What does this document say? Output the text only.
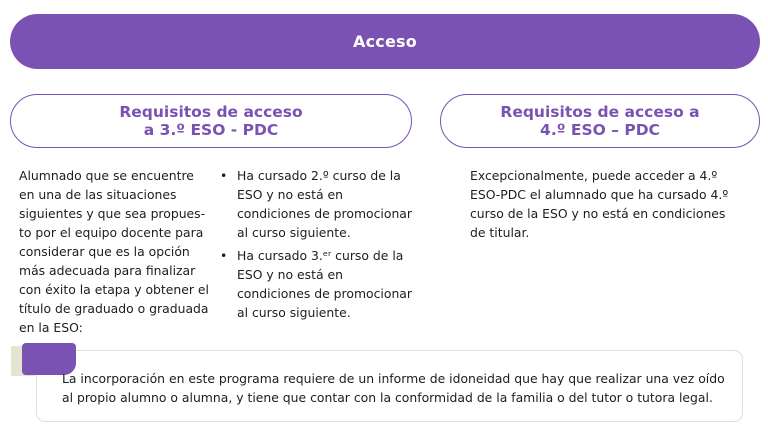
Acceso
Requisitos de acceso
a 3.º ESO - PDC
Requisitos de acceso a
4.º ESO – PDC
Alumnado que se encuentre
en una de las situaciones
siguientes y que sea propues-
to por el equipo docente para
considerar que es la opción
más adecuada para finalizar
con éxito la etapa y obtener el
título de graduado o graduada
en la ESO:
• Ha cursado 2.º curso de la
ESO y no está en
condiciones de promocionar
al curso siguiente.
• Ha cursado 3.ᵉʳ curso de la
ESO y no está en
condiciones de promocionar
al curso siguiente.
Excepcionalmente, puede acceder a 4.º
ESO-PDC el alumnado que ha cursado 4.º
curso de la ESO y no está en condiciones
de titular.
La incorporación en este programa requiere de un informe de idoneidad que hay que realizar una vez oído
al propio alumno o alumna, y tiene que contar con la conformidad de la familia o del tutor o tutora legal.
